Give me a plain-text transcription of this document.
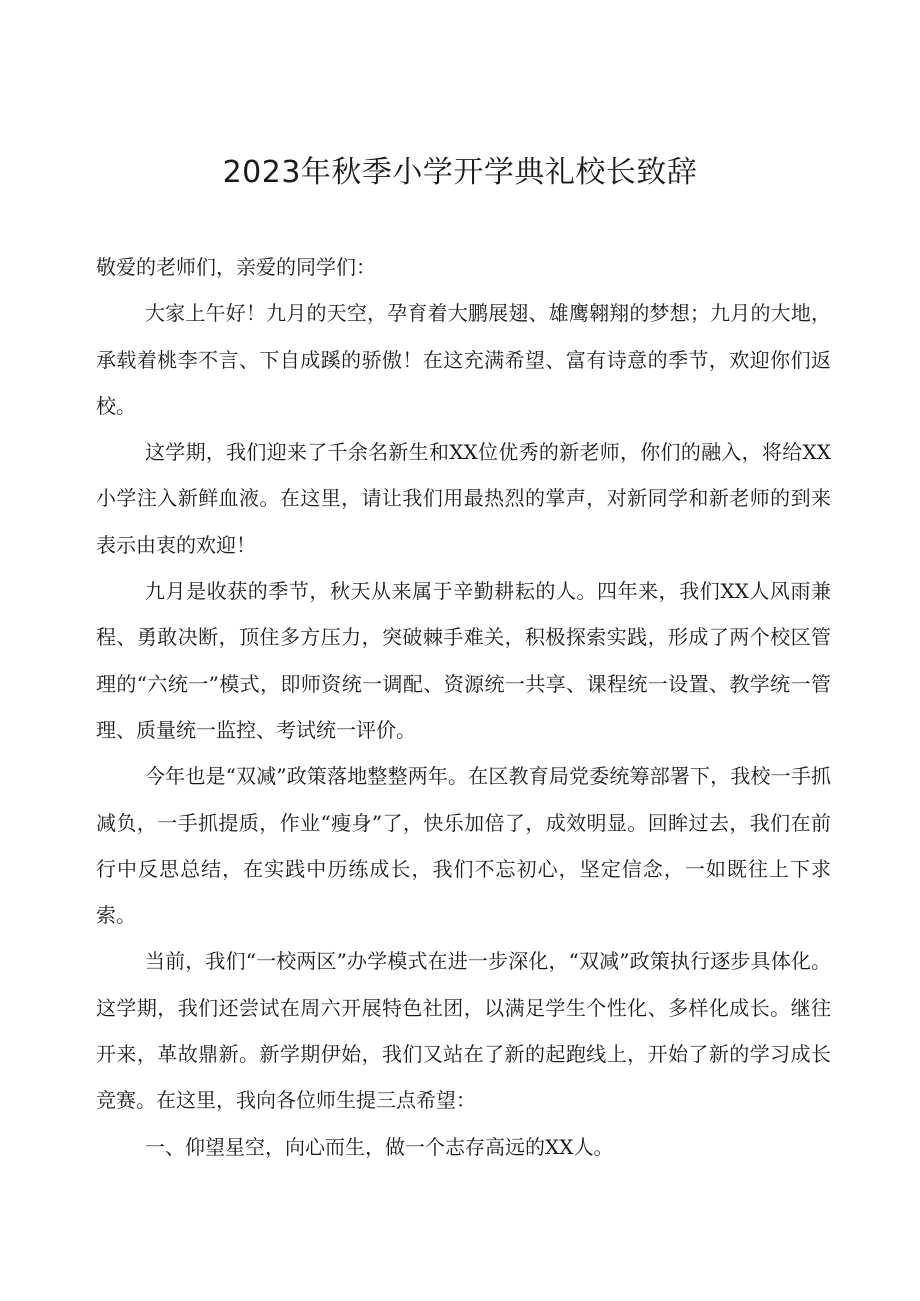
2023年秋季小学开学典礼校长致辞

敬爱的老师们，亲爱的同学们：

大家上午好！九月的天空，孕育着大鹏展翅、雄鹰翱翔的梦想；九月的大地，承载着桃李不言、下自成蹊的骄傲！在这充满希望、富有诗意的季节，欢迎你们返校。

这学期，我们迎来了千余名新生和XX位优秀的新老师，你们的融入，将给XX小学注入新鲜血液。在这里，请让我们用最热烈的掌声，对新同学和新老师的到来表示由衷的欢迎！

九月是收获的季节，秋天从来属于辛勤耕耘的人。四年来，我们XX人风雨兼程、勇敢决断，顶住多方压力，突破棘手难关，积极探索实践，形成了两个校区管理的“六统一”模式，即师资统一调配、资源统一共享、课程统一设置、教学统一管理、质量统一监控、考试统一评价。

今年也是“双减”政策落地整整两年。在区教育局党委统筹部署下，我校一手抓减负，一手抓提质，作业“瘦身”了，快乐加倍了，成效明显。回眸过去，我们在前行中反思总结，在实践中历练成长，我们不忘初心，坚定信念，一如既往上下求索。

当前，我们“一校两区”办学模式在进一步深化，“双减”政策执行逐步具体化。这学期，我们还尝试在周六开展特色社团，以满足学生个性化、多样化成长。继往开来，革故鼎新。新学期伊始，我们又站在了新的起跑线上，开始了新的学习成长竞赛。在这里，我向各位师生提三点希望：

一、仰望星空，向心而生，做一个志存高远的XX人。
